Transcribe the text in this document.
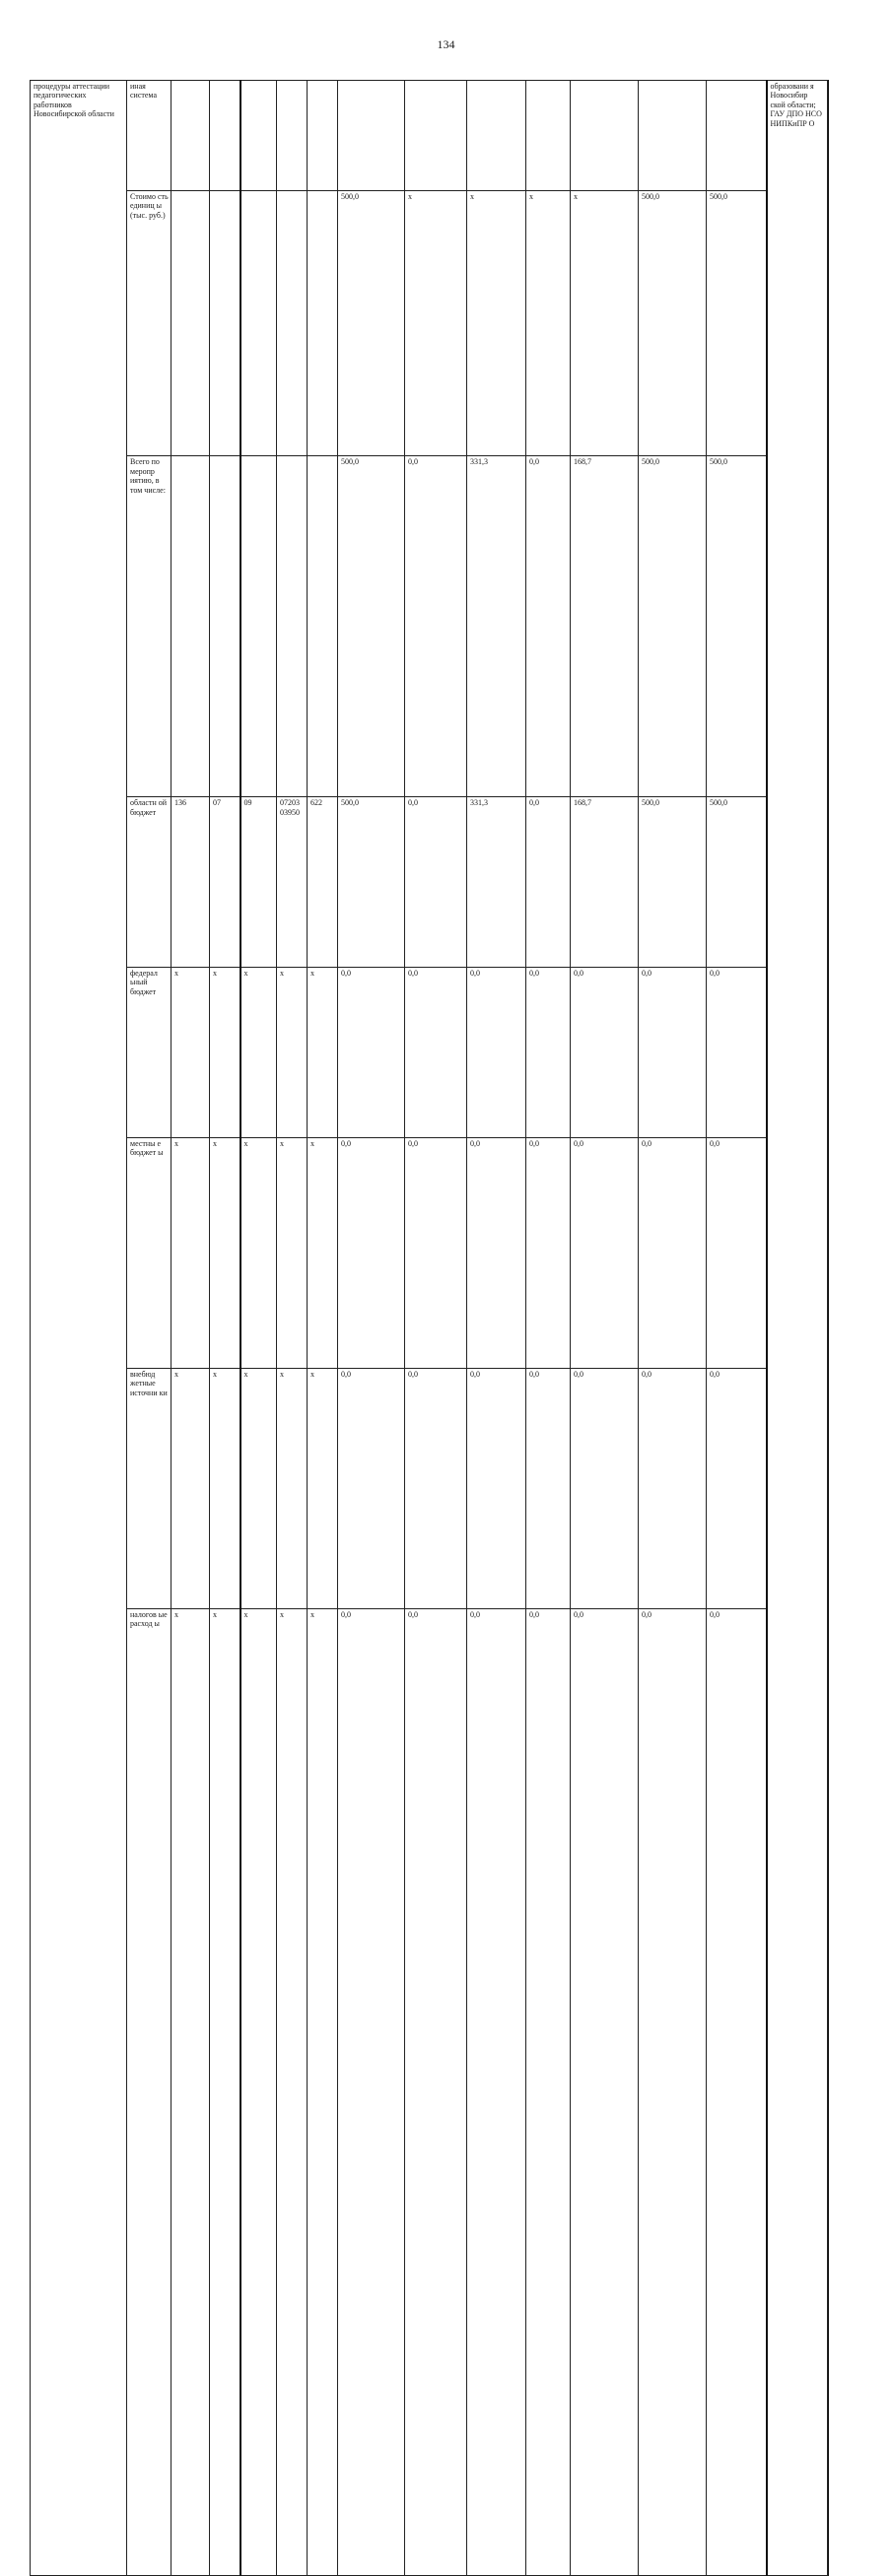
134
процедуры аттестации педагогических работников Новосибирской области	иная система													образовани я Новосибир ской области; ГАУ ДПО НСО НИПКиПР О	
	Стоимо сть единиц ы (тыс. руб.)						500,0	x	x	x	x	500,0	500,0		
	Всего по меропр иятию, в том числе:						500,0	0,0	331,3	0,0	168,7	500,0	500,0		
	областн ой бюджет	136	07	09	07203 03950	622	500,0	0,0	331,3	0,0	168,7	500,0	500,0		
	федерал ьный бюджет	x	x	x	x	x	0,0	0,0	0,0	0,0	0,0	0,0	0,0		
	местны е бюджет ы	x	x	x	x	x	0,0	0,0	0,0	0,0	0,0	0,0	0,0		
	внебюд жетные источни ки	x	x	x	x	x	0,0	0,0	0,0	0,0	0,0	0,0	0,0		
	налогов ые расход ы	x	x	x	x	x	0,0	0,0	0,0	0,0	0,0	0,0	0,0		
